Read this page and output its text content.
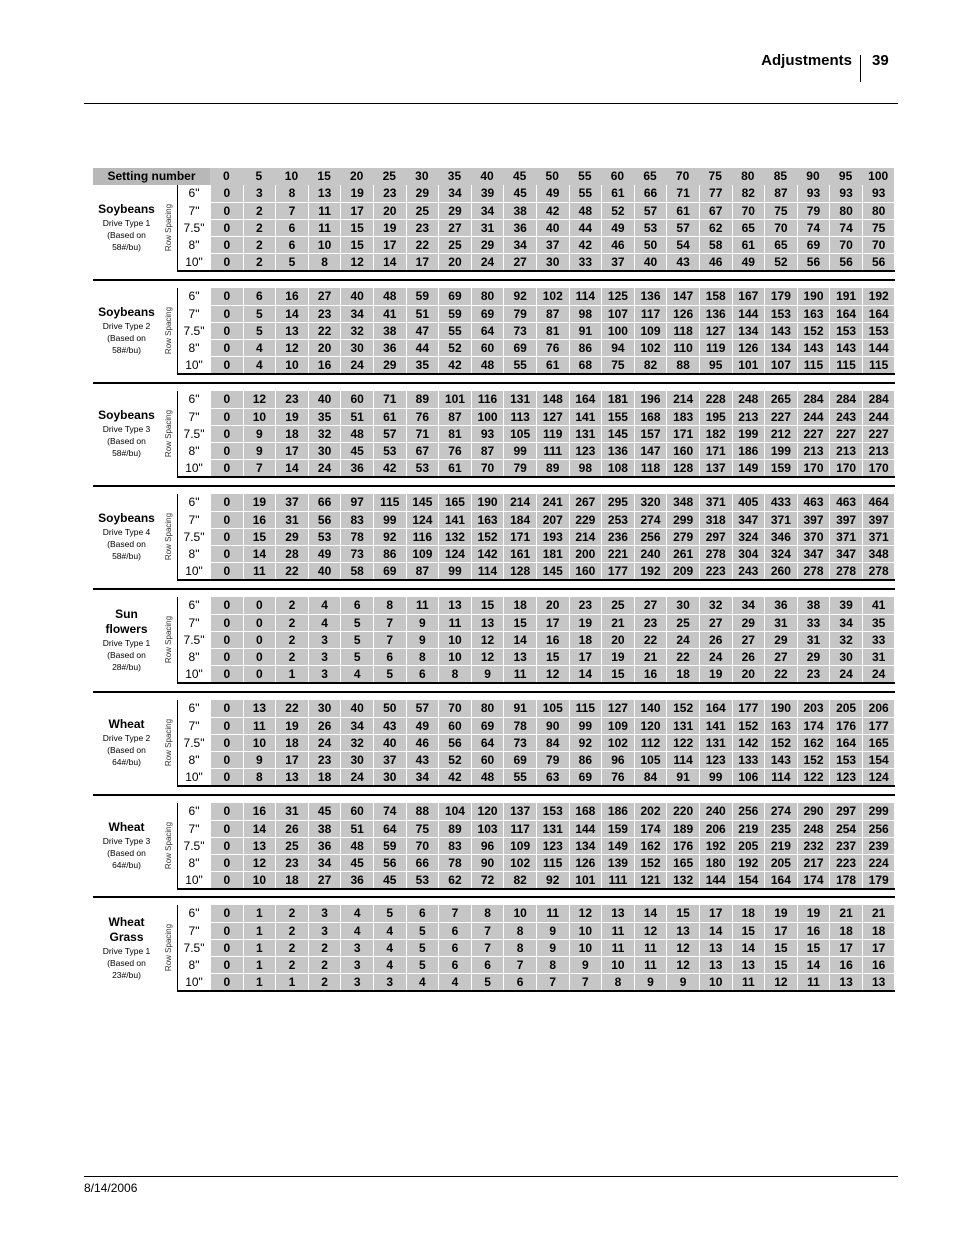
Adjustments 39
Setting number	0	5	10	15	20	25	30	35	40	45	50	55	60	65	70	75	80	85	90	95	100
Soybeans
Drive Type 1
(Based on
58#/bu)	Row Spacing
6"	0	3	8	13	19	23	29	34	39	45	49	55	61	66	71	77	82	87	93	93	93
7"	0	2	7	11	17	20	25	29	34	38	42	48	52	57	61	67	70	75	79	80	80
7.5"	0	2	6	11	15	19	23	27	31	36	40	44	49	53	57	62	65	70	74	74	75
8"	0	2	6	10	15	17	22	25	29	34	37	42	46	50	54	58	61	65	69	70	70
10"	0	2	5	8	12	14	17	20	24	27	30	33	37	40	43	46	49	52	56	56	56
Soybeans
Drive Type 2
(Based on
58#/bu)	Row Spacing
6"	0	6	16	27	40	48	59	69	80	92	102	114	125	136	147	158	167	179	190	191	192
7"	0	5	14	23	34	41	51	59	69	79	87	98	107	117	126	136	144	153	163	164	164
7.5"	0	5	13	22	32	38	47	55	64	73	81	91	100	109	118	127	134	143	152	153	153
8"	0	4	12	20	30	36	44	52	60	69	76	86	94	102	110	119	126	134	143	143	144
10"	0	4	10	16	24	29	35	42	48	55	61	68	75	82	88	95	101	107	115	115	115
Soybeans
Drive Type 3
(Based on
58#/bu)	Row Spacing
6"	0	12	23	40	60	71	89	101	116	131	148	164	181	196	214	228	248	265	284	284	284
7"	0	10	19	35	51	61	76	87	100	113	127	141	155	168	183	195	213	227	244	243	244
7.5"	0	9	18	32	48	57	71	81	93	105	119	131	145	157	171	182	199	212	227	227	227
8"	0	9	17	30	45	53	67	76	87	99	111	123	136	147	160	171	186	199	213	213	213
10"	0	7	14	24	36	42	53	61	70	79	89	98	108	118	128	137	149	159	170	170	170
Soybeans
Drive Type 4
(Based on
58#/bu)	Row Spacing
6"	0	19	37	66	97	115	145	165	190	214	241	267	295	320	348	371	405	433	463	463	464
7"	0	16	31	56	83	99	124	141	163	184	207	229	253	274	299	318	347	371	397	397	397
7.5"	0	15	29	53	78	92	116	132	152	171	193	214	236	256	279	297	324	346	370	371	371
8"	0	14	28	49	73	86	109	124	142	161	181	200	221	240	261	278	304	324	347	347	348
10"	0	11	22	40	58	69	87	99	114	128	145	160	177	192	209	223	243	260	278	278	278
Sun
flowers
Drive Type 1
(Based on
28#/bu)
Row Spacing
6"	0	0	2	4	6	8	11	13	15	18	20	23	25	27	30	32	34	36	38	39	41
7"	0	0	2	4	5	7	9	11	13	15	17	19	21	23	25	27	29	31	33	34	35
7.5"	0	0	2	3	5	7	9	10	12	14	16	18	20	22	24	26	27	29	31	32	33
8"	0	0	2	3	5	6	8	10	12	13	15	17	19	21	22	24	26	27	29	30	31
10"	0	0	1	3	4	5	6	8	9	11	12	14	15	16	18	19	20	22	23	24	24
Wheat
Drive Type 2
(Based on
64#/bu)	Row Spacing
6"	0	13	22	30	40	50	57	70	80	91	105	115	127	140	152	164	177	190	203	205	206
7"	0	11	19	26	34	43	49	60	69	78	90	99	109	120	131	141	152	163	174	176	177
7.5"	0	10	18	24	32	40	46	56	64	73	84	92	102	112	122	131	142	152	162	164	165
8"	0	9	17	23	30	37	43	52	60	69	79	86	96	105	114	123	133	143	152	153	154
10"	0	8	13	18	24	30	34	42	48	55	63	69	76	84	91	99	106	114	122	123	124
Wheat
Drive Type 3
(Based on
64#/bu)	Row Spacing
6"	0	16	31	45	60	74	88	104	120	137	153	168	186	202	220	240	256	274	290	297	299
7"	0	14	26	38	51	64	75	89	103	117	131	144	159	174	189	206	219	235	248	254	256
7.5"	0	13	25	36	48	59	70	83	96	109	123	134	149	162	176	192	205	219	232	237	239
8"	0	12	23	34	45	56	66	78	90	102	115	126	139	152	165	180	192	205	217	223	224
10"	0	10	18	27	36	45	53	62	72	82	92	101	111	121	132	144	154	164	174	178	179
Wheat
Grass
Drive Type 1
(Based on
23#/bu)
Row Spacing
6"	0	1	2	3	4	5	6	7	8	10	11	12	13	14	15	17	18	19	19	21	21
7"	0	1	2	3	4	4	5	6	7	8	9	10	11	12	13	14	15	17	16	18	18
7.5"	0	1	2	2	3	4	5	6	7	8	9	10	11	11	12	13	14	15	15	17	17
8"	0	1	2	2	3	4	5	6	6	7	8	9	10	11	12	13	13	15	14	16	16
10"	0	1	1	2	3	3	4	4	5	6	7	7	8	9	9	10	11	12	11	13	13
8/14/2006
